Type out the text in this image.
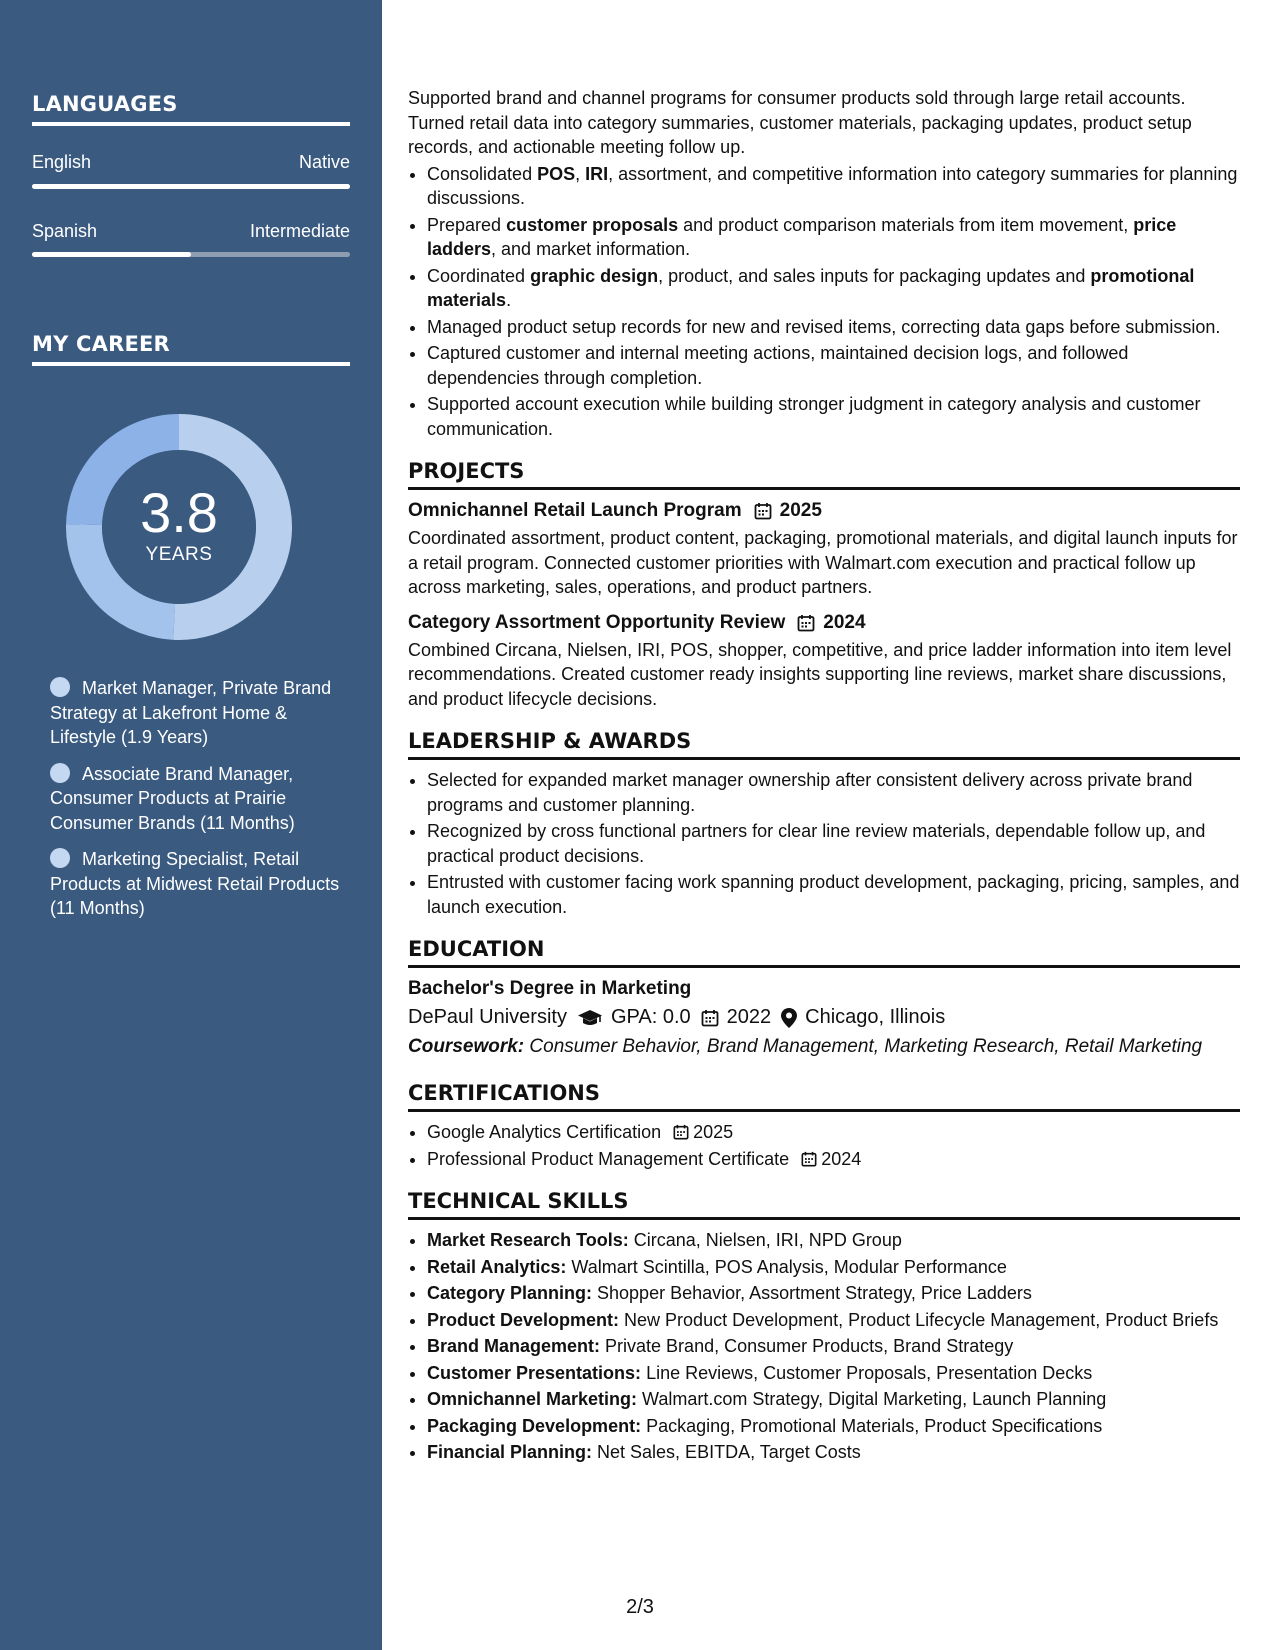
LANGUAGES
English	Native
Spanish	Intermediate
MY CAREER
3.8
YEARS
Market Manager, Private Brand Strategy at Lakefront Home & Lifestyle (1.9 Years)
Associate Brand Manager, Consumer Products at Prairie Consumer Brands (11 Months)
Marketing Specialist, Retail Products at Midwest Retail Products (11 Months)

Supported brand and channel programs for consumer products sold through large retail accounts. Turned retail data into category summaries, customer materials, packaging updates, product setup records, and actionable meeting follow up.

• Consolidated POS, IRI, assortment, and competitive information into category summaries for planning discussions.
• Prepared customer proposals and product comparison materials from item movement, price ladders, and market information.
• Coordinated graphic design, product, and sales inputs for packaging updates and promotional materials.
• Managed product setup records for new and revised items, correcting data gaps before submission.
• Captured customer and internal meeting actions, maintained decision logs, and followed dependencies through completion.
• Supported account execution while building stronger judgment in category analysis and customer communication.
PROJECTS
Omnichannel Retail Launch Program 2025

Coordinated assortment, product content, packaging, promotional materials, and digital launch inputs for a retail program. Connected customer priorities with Walmart.com execution and practical follow up across marketing, sales, operations, and product partners.

Category Assortment Opportunity Review 2024

Combined Circana, Nielsen, IRI, POS, shopper, competitive, and price ladder information into item level recommendations. Created customer ready insights supporting line reviews, market share discussions, and product lifecycle decisions.

LEADERSHIP & AWARDS
• Selected for expanded market manager ownership after consistent delivery across private brand programs and customer planning.
• Recognized by cross functional partners for clear line review materials, dependable follow up, and practical product decisions.
• Entrusted with customer facing work spanning product development, packaging, pricing, samples, and launch execution.
EDUCATION
Bachelor's Degree in Marketing
DePaul University GPA: 0.0 2022 Chicago, Illinois
Coursework: Consumer Behavior, Brand Management, Marketing Research, Retail Marketing
CERTIFICATIONS
• Google Analytics Certification 2025
• Professional Product Management Certificate 2024
TECHNICAL SKILLS
• Market Research Tools: Circana, Nielsen, IRI, NPD Group
• Retail Analytics: Walmart Scintilla, POS Analysis, Modular Performance
• Category Planning: Shopper Behavior, Assortment Strategy, Price Ladders
• Product Development: New Product Development, Product Lifecycle Management, Product Briefs
• Brand Management: Private Brand, Consumer Products, Brand Strategy
• Customer Presentations: Line Reviews, Customer Proposals, Presentation Decks
• Omnichannel Marketing: Walmart.com Strategy, Digital Marketing, Launch Planning
• Packaging Development: Packaging, Promotional Materials, Product Specifications
• Financial Planning: Net Sales, EBITDA, Target Costs
2/3
